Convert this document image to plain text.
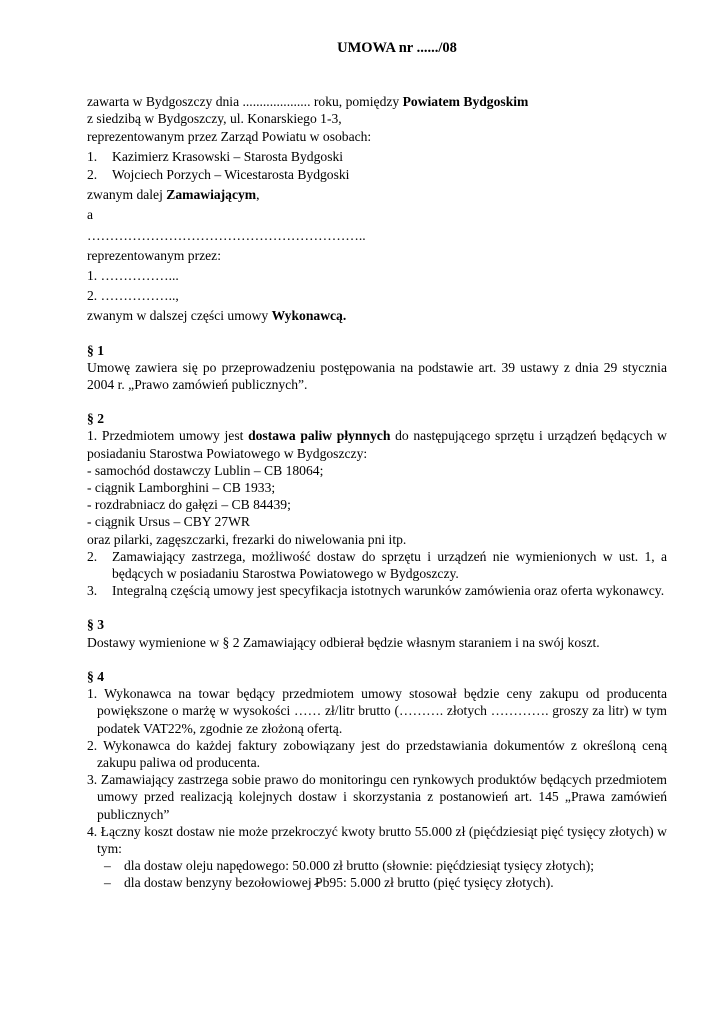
UMOWA nr ....../08

zawarta w Bydgoszczy dnia .................... roku, pomiędzy Powiatem Bydgoskim

z siedzibą w Bydgoszczy, ul. Konarskiego 1-3,

reprezentowanym przez Zarząd Powiatu w osobach:

1.	Kazimierz Krasowski – Starosta Bydgoski
2.	Wojciech Porzych – Wicestarosta Bydgoski

zwanym dalej Zamawiającym,

a

……………………………………………………..

reprezentowanym przez:

1. ……………...

2. ……………..,

zwanym w dalszej części umowy Wykonawcą.

§ 1

Umowę zawiera się po przeprowadzeniu postępowania na podstawie art. 39 ustawy z dnia 29 stycznia 2004 r. „Prawo zamówień publicznych”.

§ 2

1. Przedmiotem umowy jest dostawa paliw płynnych do następującego sprzętu i urządzeń będących w posiadaniu Starostwa Powiatowego w Bydgoszczy:

- samochód dostawczy Lublin – CB 18064;

- ciągnik Lamborghini – CB 1933;

- rozdrabniacz do gałęzi – CB 84439;

- ciągnik Ursus – CBY 27WR

oraz pilarki, zagęszczarki, frezarki do niwelowania pni itp.

2.	Zamawiający zastrzega, możliwość dostaw do sprzętu i urządzeń nie wymienionych w ust. 1, a będących w posiadaniu Starostwa Powiatowego w Bydgoszczy.
3.	Integralną częścią umowy jest specyfikacja istotnych warunków zamówienia oraz oferta wykonawcy.

§ 3

Dostawy wymienione w § 2 Zamawiający odbierał będzie własnym staraniem i na swój koszt.

§ 4

1. Wykonawca na towar będący przedmiotem umowy stosował będzie ceny zakupu od producenta powiększone o marżę w wysokości …… zł/litr brutto (………. złotych …………. groszy za litr) w tym podatek VAT22%, zgodnie ze złożoną ofertą.

2. Wykonawca do każdej faktury zobowiązany jest do przedstawiania dokumentów z określoną ceną zakupu paliwa od producenta.

3. Zamawiający zastrzega sobie prawo do monitoringu cen rynkowych produktów będących przedmiotem umowy przed realizacją kolejnych dostaw i skorzystania z postanowień art. 145 „Prawa zamówień publicznych”

4. Łączny koszt dostaw nie może przekroczyć kwoty brutto 55.000 zł (pięćdziesiąt pięć tysięcy złotych) w tym:

– dla dostaw oleju napędowego: 50.000 zł brutto (słownie: pięćdziesiąt tysięcy złotych);
– dla dostaw benzyny bezołowiowej Pb95: 5.000 zł brutto (pięć tysięcy złotych).
